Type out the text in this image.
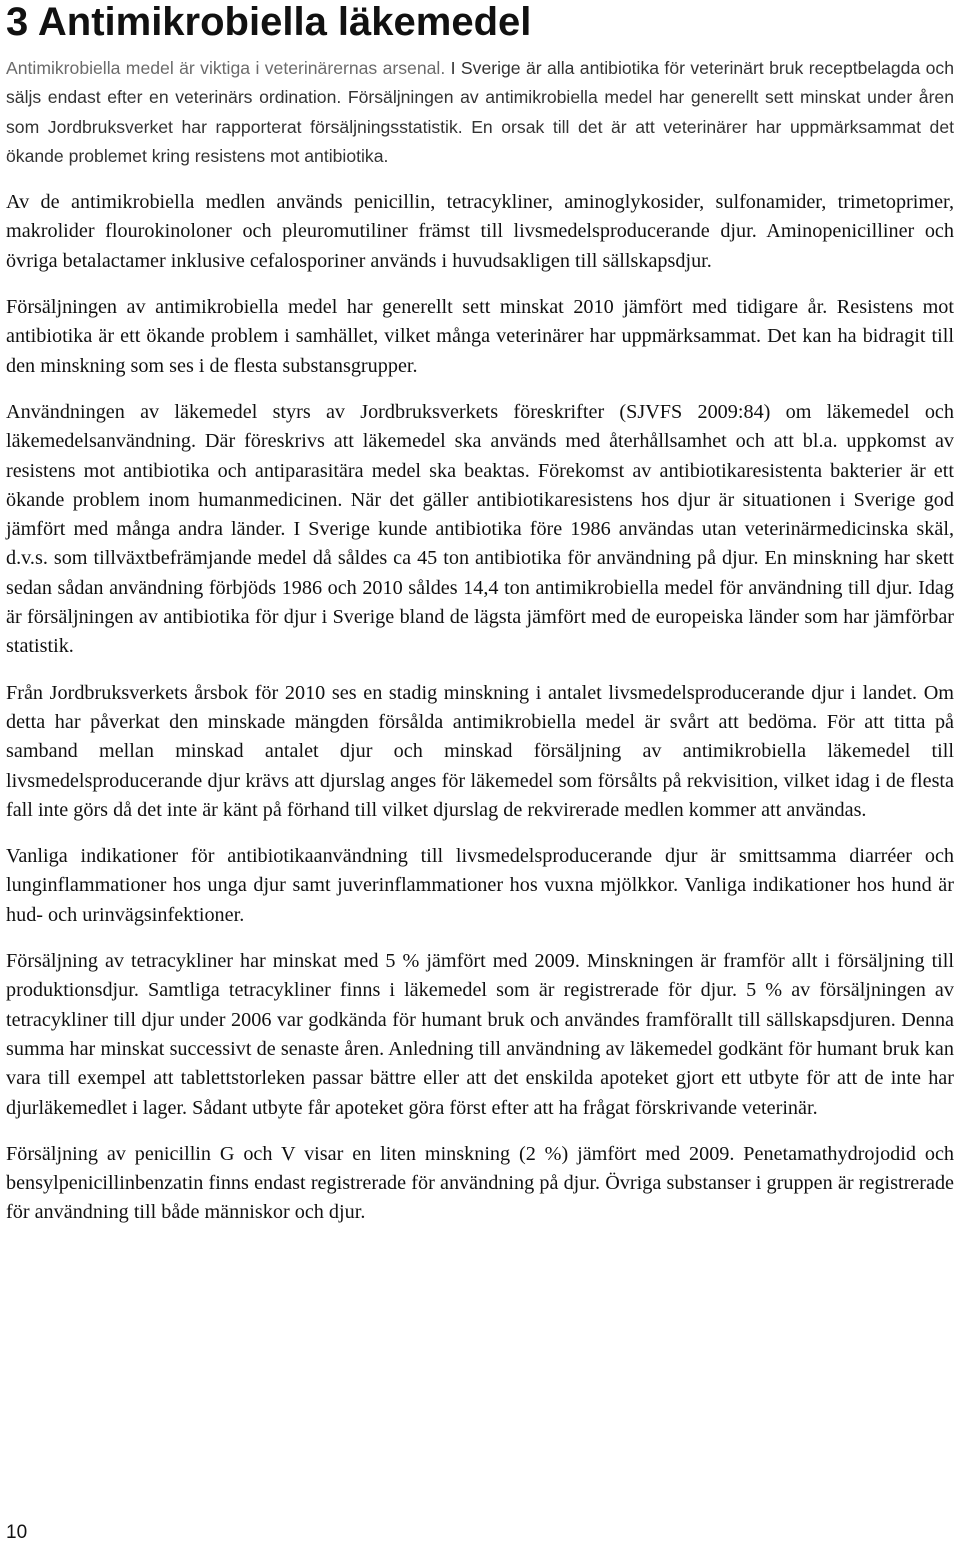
3 Antimikrobiella läkemedel

Antimikrobiella medel är viktiga i veterinärernas arsenal. I Sverige är alla antibiotika för veterinärt bruk receptbelagda och säljs endast efter en veterinärs ordination. Försäljningen av antimikrobiella medel har generellt sett minskat under åren som Jordbruksverket har rapporterat försäljningsstatistik. En orsak till det är att veterinärer har uppmärksammat det ökande problemet kring resistens mot antibiotika.

Av de antimikrobiella medlen används penicillin, tetracykliner, aminoglykosider, sulfonamider, trimetoprimer, makrolider flourokinoloner och pleuromutiliner främst till livsmedelsproducerande djur. Aminopenicilliner och övriga betalactamer inklusive cefalosporiner används i huvudsakligen till sällskapsdjur.

Försäljningen av antimikrobiella medel har generellt sett minskat 2010 jämfört med tidigare år. Resistens mot antibiotika är ett ökande problem i samhället, vilket många veterinärer har uppmärksammat. Det kan ha bidragit till den minskning som ses i de flesta substansgrupper.

Användningen av läkemedel styrs av Jordbruksverkets föreskrifter (SJVFS 2009:84) om läkemedel och läkemedelsanvändning. Där föreskrivs att läkemedel ska används med återhållsamhet och att bl.a. uppkomst av resistens mot antibiotika och antiparasitära medel ska beaktas. Förekomst av antibiotikaresistenta bakterier är ett ökande problem inom humanmedicinen. När det gäller antibiotikaresistens hos djur är situationen i Sverige god jämfört med många andra länder. I Sverige kunde antibiotika före 1986 användas utan veterinärmedicinska skäl, d.v.s. som tillväxtbefrämjande medel då såldes ca 45 ton antibiotika för användning på djur. En minskning har skett sedan sådan användning förbjöds 1986 och 2010 såldes 14,4 ton antimikrobiella medel för användning till djur. Idag är försäljningen av antibiotika för djur i Sverige bland de lägsta jämfört med de europeiska länder som har jämförbar statistik.

Från Jordbruksverkets årsbok för 2010 ses en stadig minskning i antalet livsmedelsproducerande djur i landet. Om detta har påverkat den minskade mängden försålda antimikrobiella medel är svårt att bedöma. För att titta på samband mellan minskad antalet djur och minskad försäljning av antimikrobiella läkemedel till livsmedelsproducerande djur krävs att djurslag anges för läkemedel som försålts på rekvisition, vilket idag i de flesta fall inte görs då det inte är känt på förhand till vilket djurslag de rekvirerade medlen kommer att användas.

Vanliga indikationer för antibiotikaanvändning till livsmedelsproducerande djur är smittsamma diarréer och lunginflammationer hos unga djur samt juverinflammationer hos vuxna mjölkkor. Vanliga indikationer hos hund är hud- och urinvägsinfektioner.

Försäljning av tetracykliner har minskat med 5 % jämfört med 2009. Minskningen är framför allt i försäljning till produktionsdjur. Samtliga tetracykliner finns i läkemedel som är registrerade för djur. 5 % av försäljningen av tetracykliner till djur under 2006 var godkända för humant bruk och användes framförallt till sällskapsdjuren. Denna summa har minskat successivt de senaste åren. Anledning till användning av läkemedel godkänt för humant bruk kan vara till exempel att tablettstorleken passar bättre eller att det enskilda apoteket gjort ett utbyte för att de inte har djurläkemedlet i lager. Sådant utbyte får apoteket göra först efter att ha frågat förskrivande veterinär.

Försäljning av penicillin G och V visar en liten minskning (2 %) jämfört med 2009. Penetamathydrojodid och bensylpenicillinbenzatin finns endast registrerade för användning på djur. Övriga substanser i gruppen är registrerade för användning till både människor och djur.

10
